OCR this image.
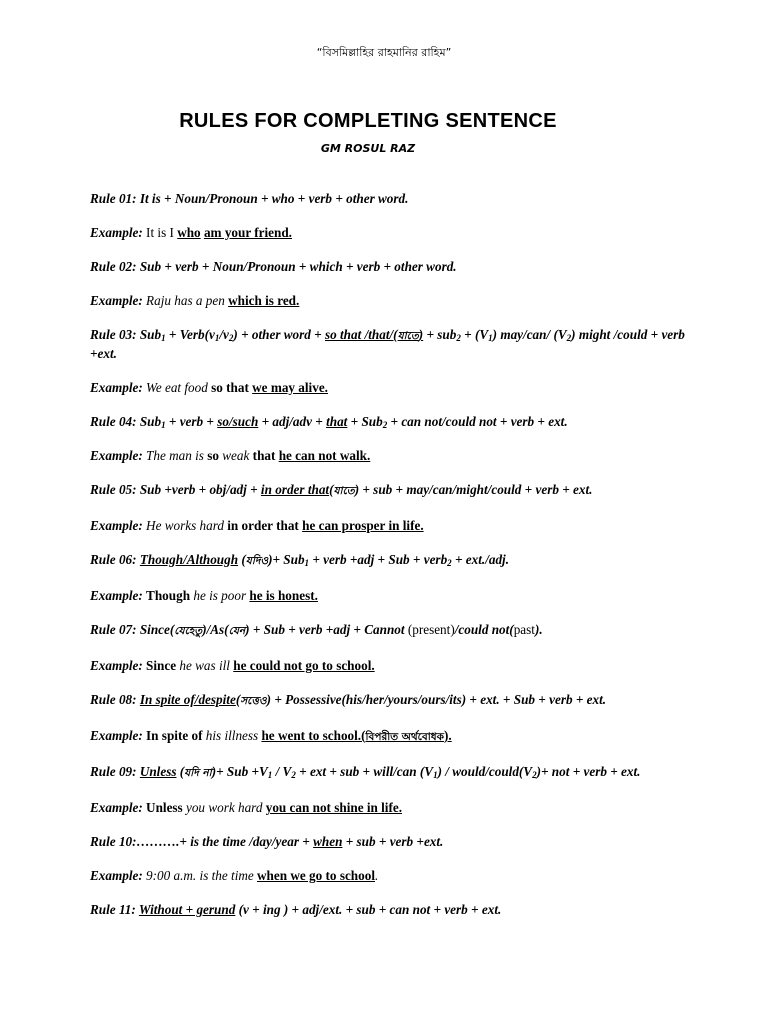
“বিসমিল্লাহির রাহমানির রাহিম”
RULES FOR COMPLETING SENTENCE
GM ROSUL RAZ
Rule 01: It is + Noun/Pronoun + who + verb + other word.
Example: It is I who am your friend.
Rule 02: Sub + verb + Noun/Pronoun + which + verb + other word.
Example: Raju has a pen which is red.
Rule 03: $Sub_1 + Verb(v_1/v_2)$ + other word + so that /that/(যাতে) + $sub_2 + (V_1)$ may/can/ $(V_2)$ might /could + verb +ext.
Example: We eat food so that we may alive.
Rule 04: Sub$_1$ + verb + so/such + adj/adv + that + Sub$_2$ + can not/could not + verb + ext.
Example: The man is so weak that he can not walk.
Rule 05: Sub +verb + obj/adj + in order that(যাতে) + sub + may/can/might/could + verb + ext.
Example: He works hard in order that he can prosper in life.
Rule 06: Though/Although (যদিও)+ Sub$_1$ + verb +adj + Sub + verb$_2$ + ext./adj.
Example: Though he is poor he is honest.
Rule 07: Since(যেহেতু)/As(যেন) + Sub + verb +adj + Cannot (present)/could not(past).
Example: Since he was ill he could not go to school.
Rule 08: In spite of/despite(সত্তেও) + Possessive(his/her/yours/ours/its) + ext. + Sub + verb + ext.
Example: In spite of his illness he went to school.(বিপরীত অর্থবোধক).
Rule 09: Unless (যদি না)+ Sub $+V_1 / V_2$ + ext + sub + will/can $(V_1)$ / would/$could(V_2)+$ not + verb + ext.
Example: Unless you work hard you can not shine in life.
Rule 10:……….+ is the time /day/year + when + sub + verb +ext.
Example: 9:00 a.m. is the time when we go to school.
Rule 11: Without + gerund (v + ing ) + adj/ext. + sub + can not + verb + ext.
